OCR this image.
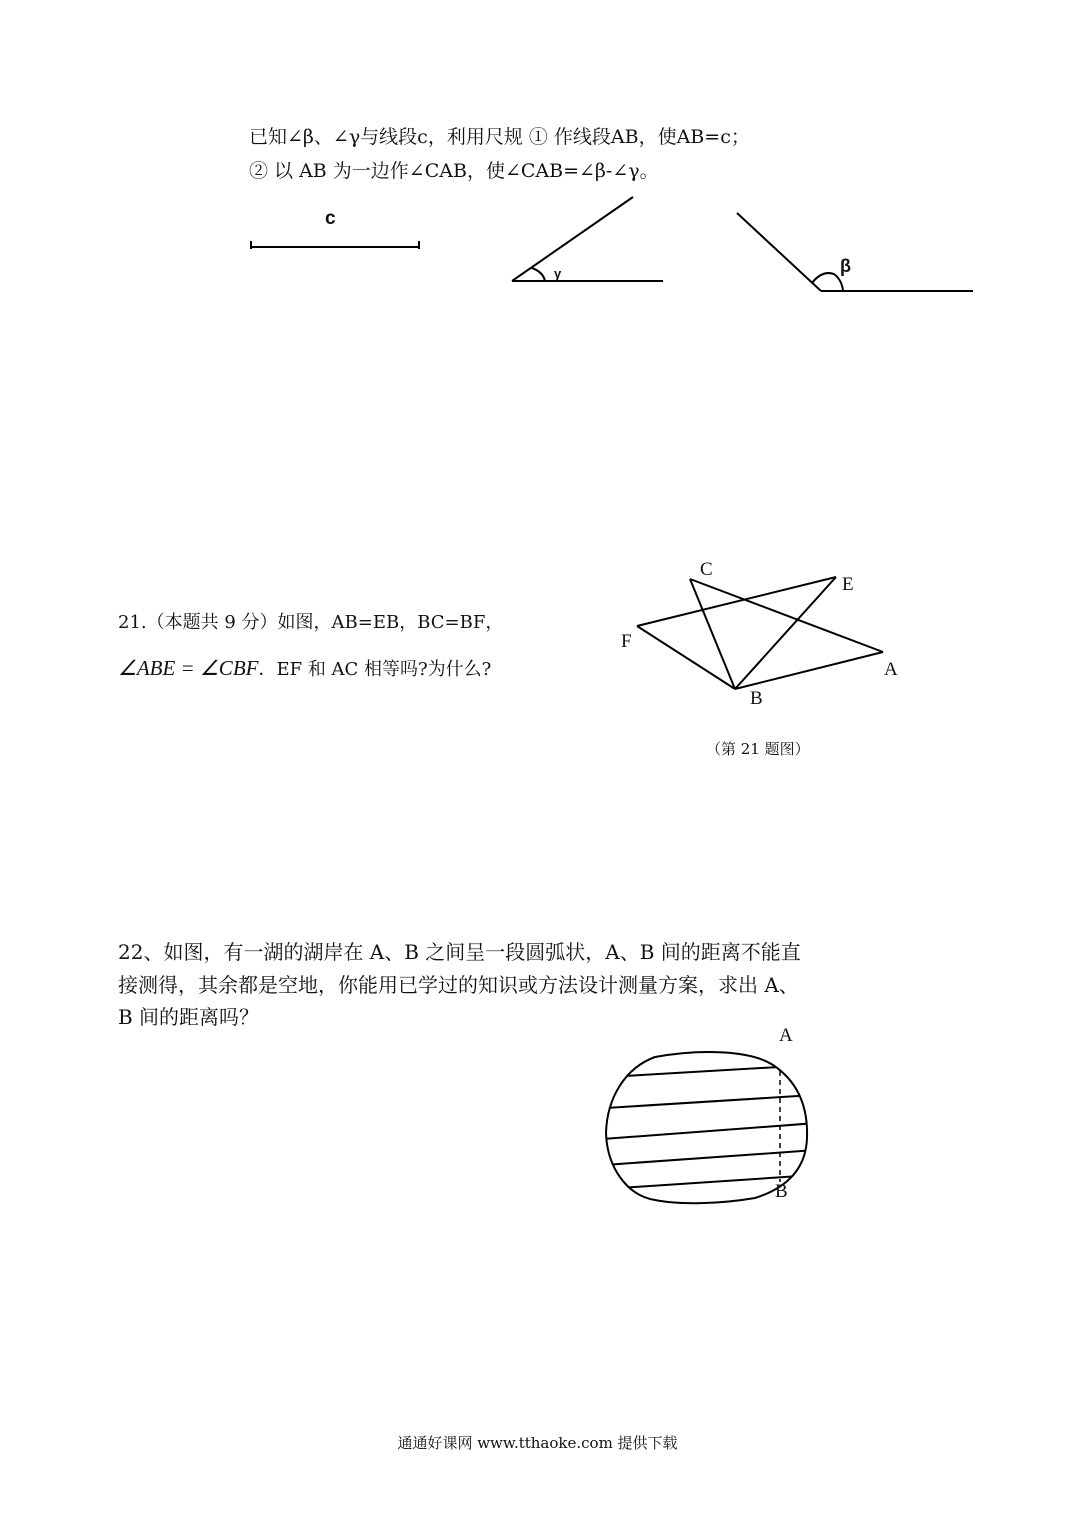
已知∠β、∠γ与线段c，利用尺规 ① 作线段AB，使AB=c；
② 以 AB 为一边作∠CAB，使∠CAB=∠β-∠γ。
c
γ	β
21.（本题共 9 分）如图，AB=EB，BC=BF，
∠ABE = ∠CBF．EF 和 AC 相等吗?为什么?
C
E
F
A
B
（第 21 题图）
22、如图，有一湖的湖岸在 A、B 之间呈一段圆弧状，A、B 间的距离不能直
接测得，其余都是空地，你能用已学过的知识或方法设计测量方案，求出 A、
B 间的距离吗？
A
B
通通好课网 www.tthaoke.com 提供下载
